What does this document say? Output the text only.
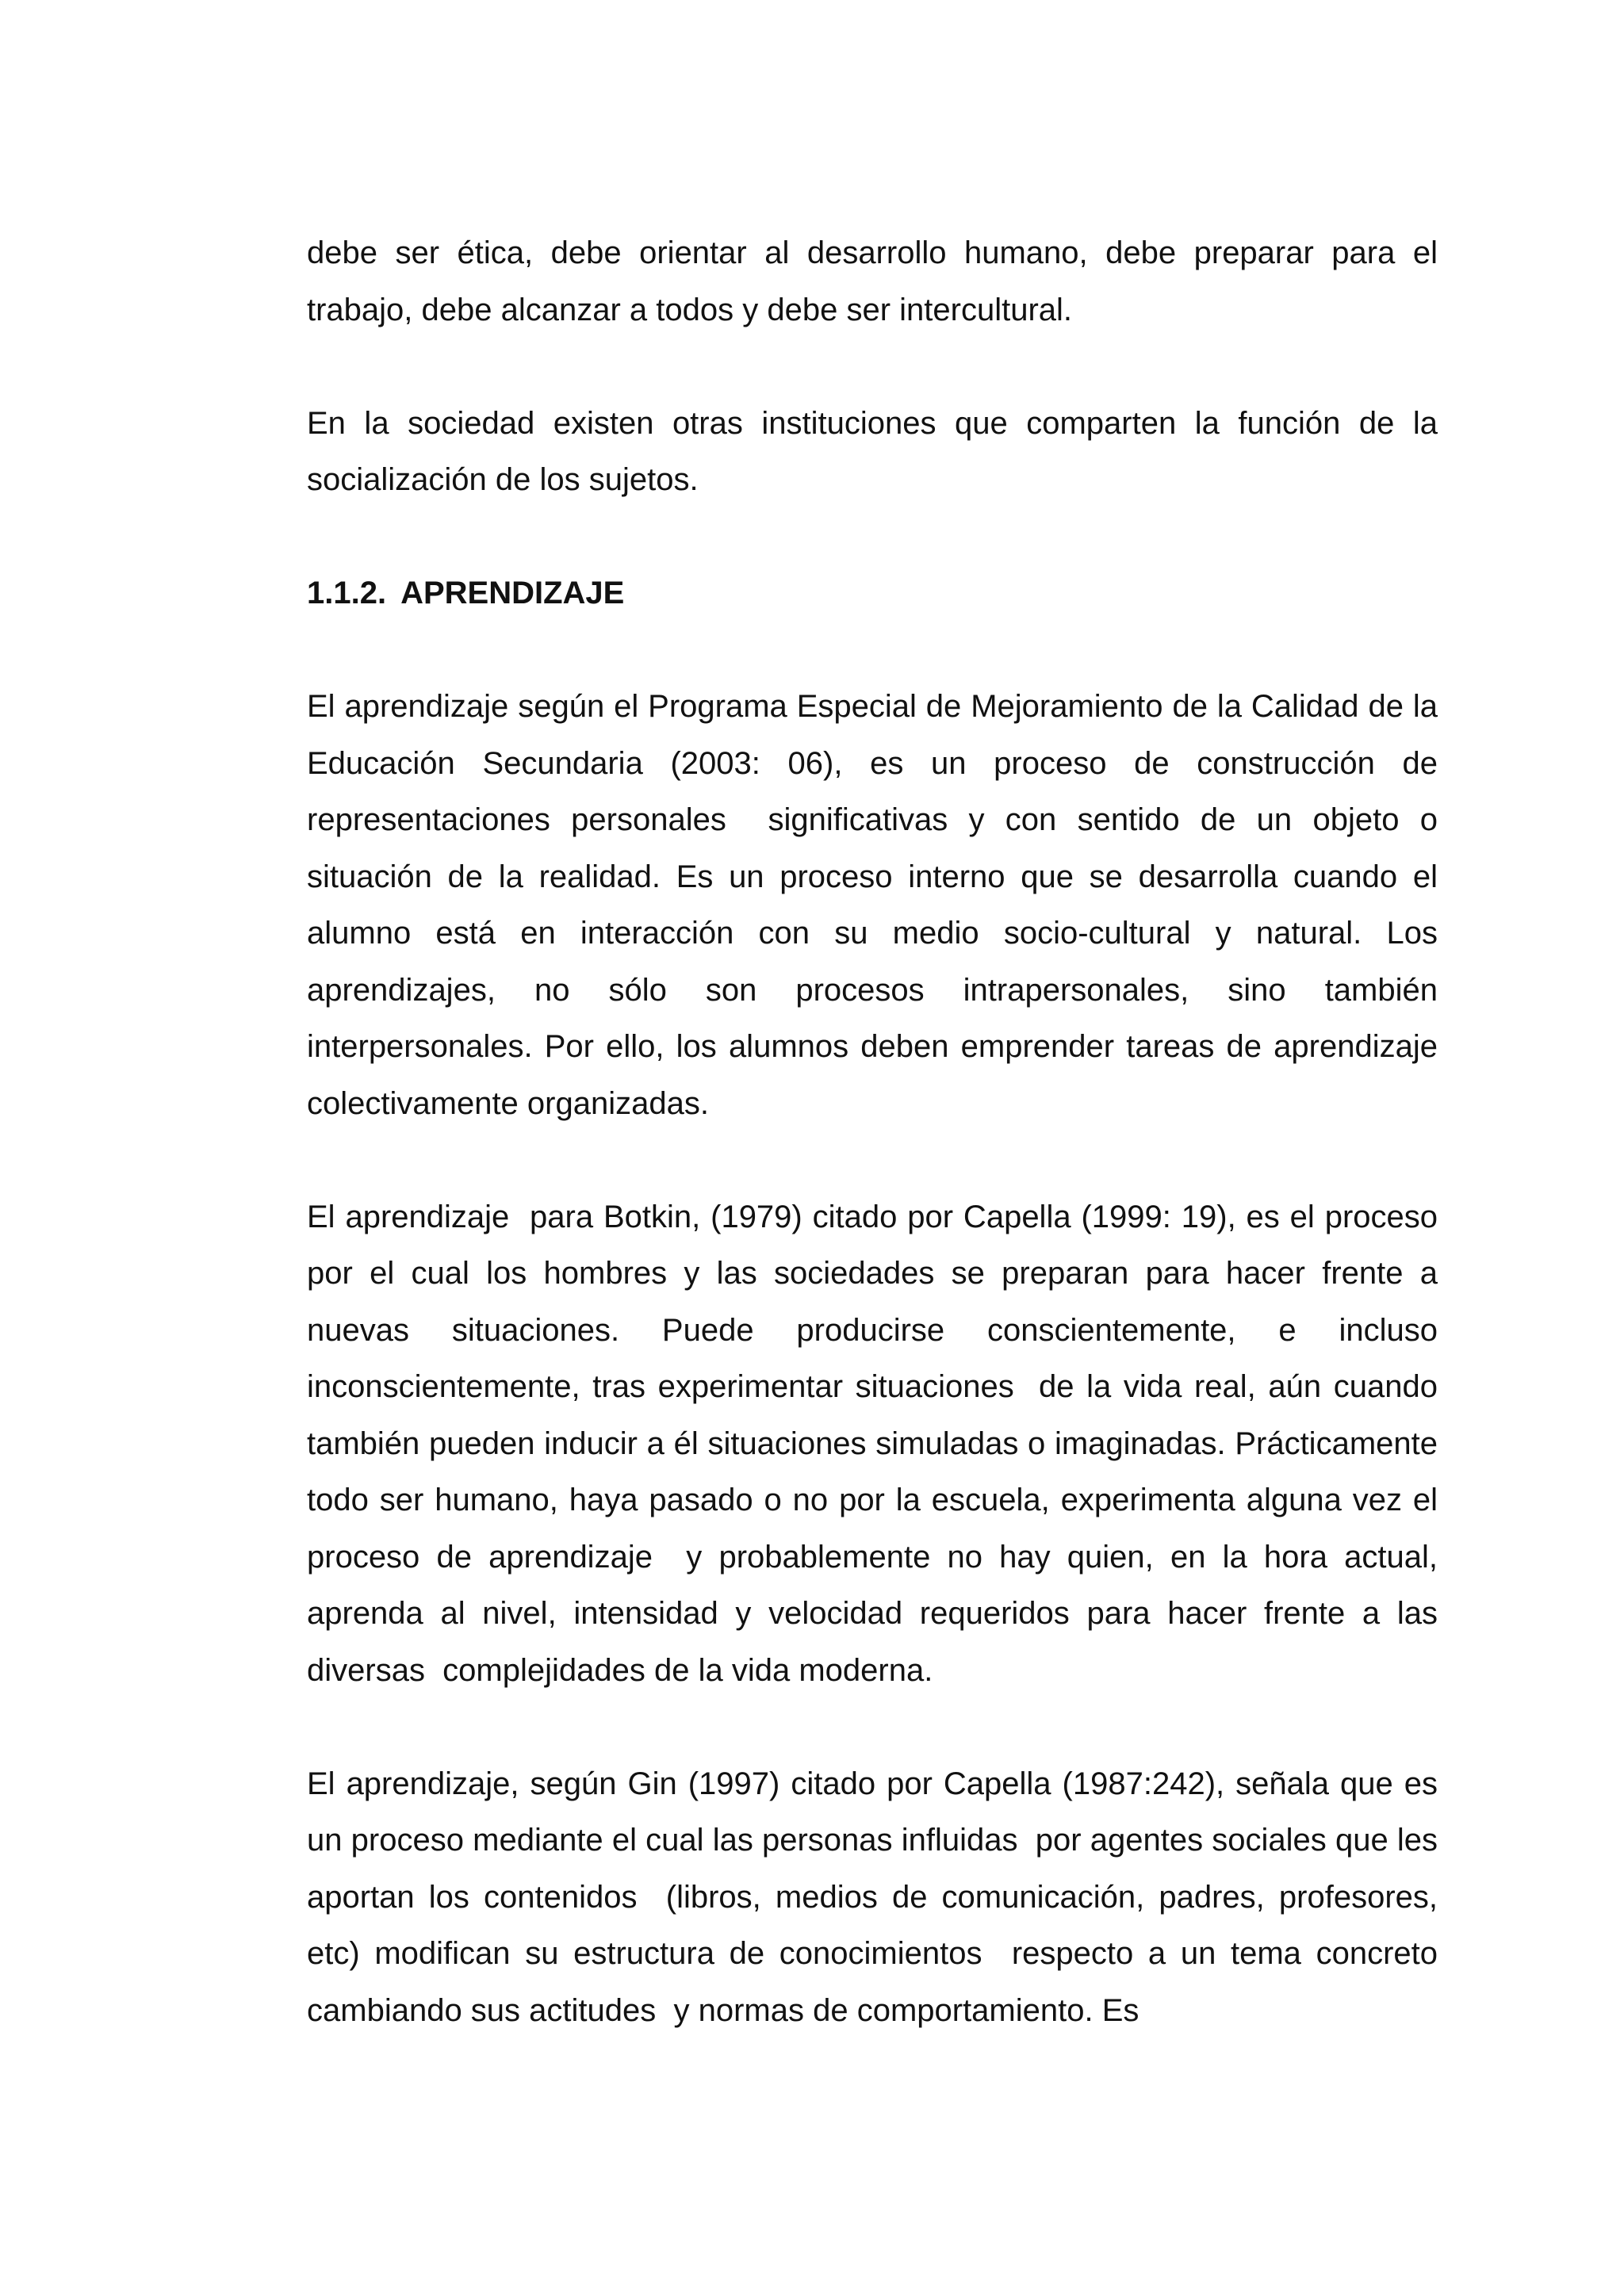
debe ser ética, debe orientar al desarrollo humano, debe preparar para el trabajo, debe alcanzar a todos y debe ser intercultural.

En la sociedad existen otras instituciones que comparten la función de la socialización de los sujetos.

1.1.2. APRENDIZAJE

El aprendizaje según el Programa Especial de Mejoramiento de la Calidad de la Educación Secundaria (2003: 06), es un proceso de construcción de representaciones personales  significativas y con sentido de un objeto o situación de la realidad. Es un proceso interno que se desarrolla cuando el alumno está en interacción con su medio socio-cultural y natural. Los aprendizajes, no sólo son procesos intrapersonales, sino también interpersonales. Por ello, los alumnos deben emprender tareas de aprendizaje colectivamente organizadas.

El aprendizaje  para Botkin, (1979) citado por Capella (1999: 19), es el proceso por el cual los hombres y las sociedades se preparan para hacer frente a nuevas situaciones. Puede producirse conscientemente, e incluso inconscientemente, tras experimentar situaciones  de la vida real, aún cuando también pueden inducir a él situaciones simuladas o imaginadas. Prácticamente todo ser humano, haya pasado o no por la escuela, experimenta alguna vez el proceso de aprendizaje  y probablemente no hay quien, en la hora actual, aprenda al nivel, intensidad y velocidad requeridos para hacer frente a las diversas  complejidades de la vida moderna.

El aprendizaje, según Gin (1997) citado por Capella (1987:242), señala que es un proceso mediante el cual las personas influidas  por agentes sociales que les aportan los contenidos  (libros, medios de comunicación, padres, profesores, etc) modifican su estructura de conocimientos  respecto a un tema concreto cambiando sus actitudes  y normas de comportamiento. Es
